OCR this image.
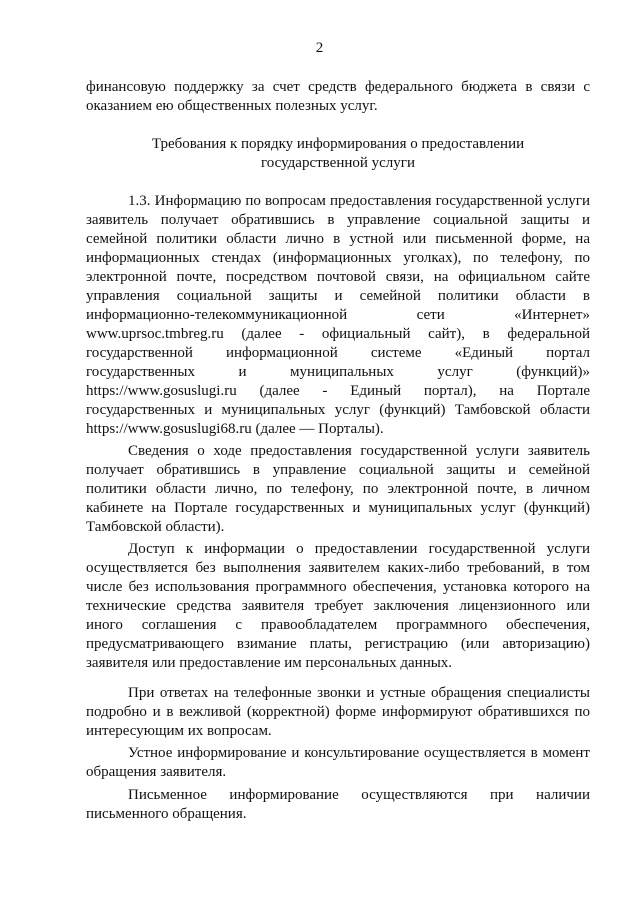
2
финансовую поддержку за счет средств федерального бюджета в связи с
оказанием ею общественных полезных услуг.
Требования к порядку информирования о предоставлении
государственной услуги
1.3. Информацию по вопросам предоставления государственной услуги
заявитель получает обратившись в управление социальной защиты и
семейной политики области лично в устной или письменной форме, на
информационных стендах (информационных уголках), по телефону, по
электронной почте, посредством почтовой связи, на официальном сайте
управления социальной защиты и семейной политики области в
информационно-телекоммуникационной сети «Интернет»
www.uprsoc.tmbreg.ru (далее - официальный сайт), в федеральной
государственной информационной системе «Единый портал
государственных и муниципальных услуг (функций)»
https://www.gosuslugi.ru (далее - Единый портал), на Портале
государственных и муниципальных услуг (функций) Тамбовской области
https://www.gosuslugi68.ru (далее — Порталы).
Сведения о ходе предоставления государственной услуги заявитель
получает обратившись в управление социальной защиты и семейной
политики области лично, по телефону, по электронной почте, в личном
кабинете на Портале государственных и муниципальных услуг (функций)
Тамбовской области).
Доступ к информации о предоставлении государственной услуги
осуществляется без выполнения заявителем каких-либо требований, в том
числе без использования программного обеспечения, установка которого на
технические средства заявителя требует заключения лицензионного или
иного соглашения с правообладателем программного обеспечения,
предусматривающего взимание платы, регистрацию (или авторизацию)
заявителя или предоставление им персональных данных.
При ответах на телефонные звонки и устные обращения специалисты
подробно и в вежливой (корректной) форме информируют обратившихся по
интересующим их вопросам.
Устное информирование и консультирование осуществляется в момент
обращения заявителя.
Письменное информирование осуществляются при наличии
письменного обращения.
